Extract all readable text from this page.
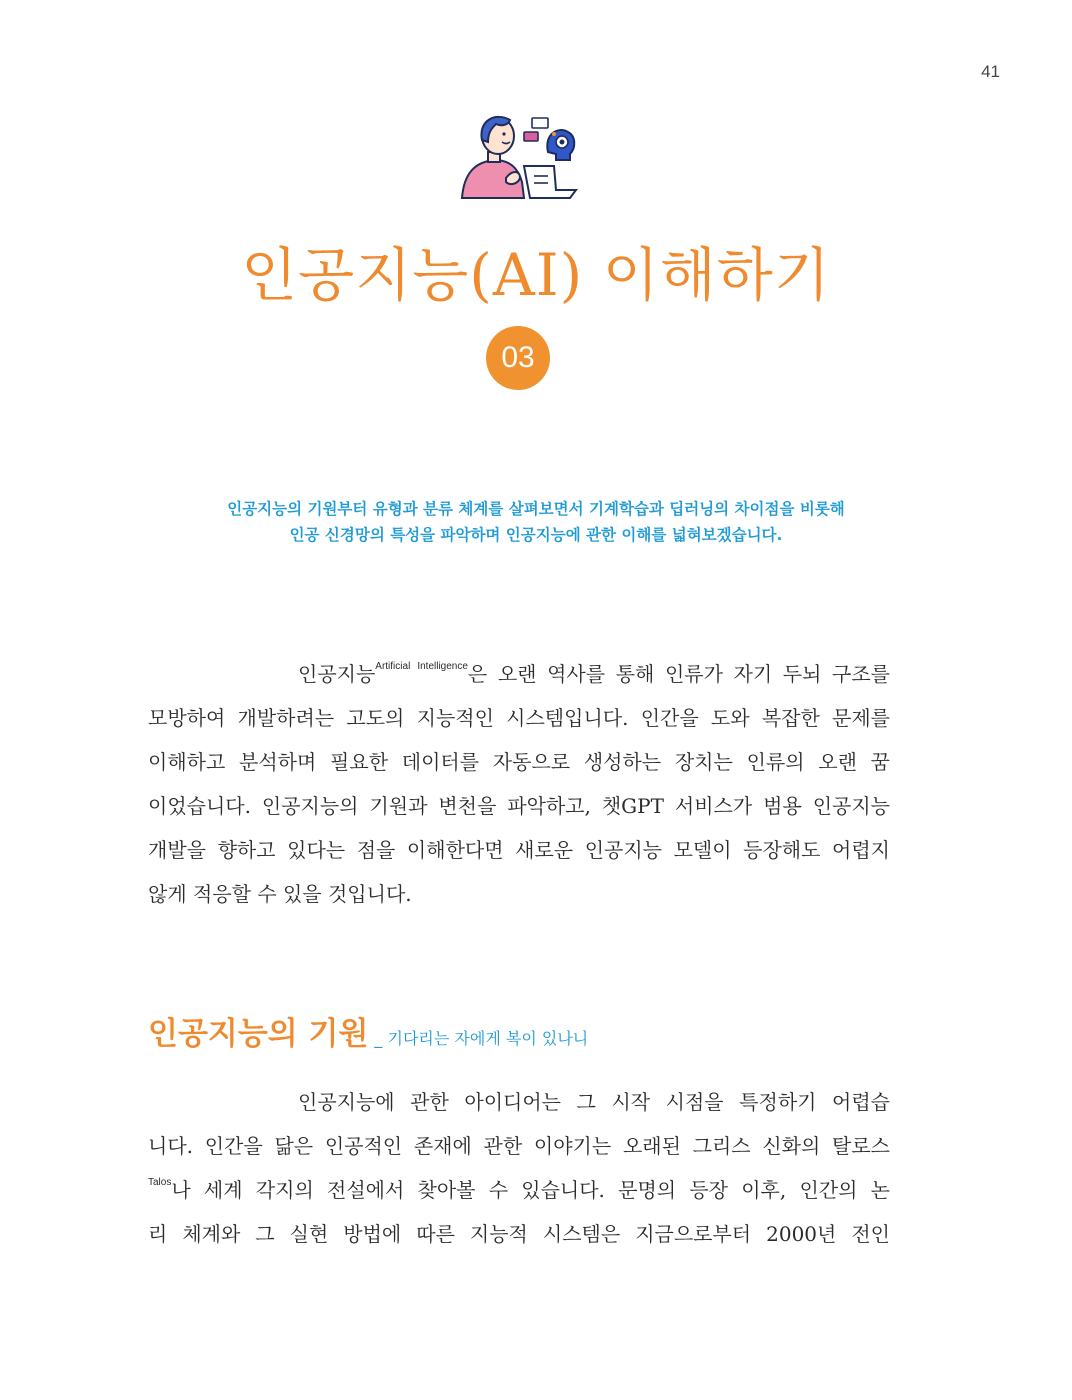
41
인공지능(AI) 이해하기
03
인공지능의 기원부터 유형과 분류 체계를 살펴보면서 기계학습과 딥러닝의 차이점을 비롯해
인공 신경망의 특성을 파악하며 인공지능에 관한 이해를 넓혀보겠습니다.
인공지능$^{Artificial Intelligence}$은 오랜 역사를 통해 인류가 자기 두뇌 구조를
모방하여 개발하려는 고도의 지능적인 시스템입니다. 인간을 도와 복잡한 문제를
이해하고 분석하며 필요한 데이터를 자동으로 생성하는 장치는 인류의 오랜 꿈
이었습니다. 인공지능의 기원과 변천을 파악하고, 챗GPT 서비스가 범용 인공지능
개발을 향하고 있다는 점을 이해한다면 새로운 인공지능 모델이 등장해도 어렵지
않게 적응할 수 있을 것입니다.
인공지능의 기원 _ 기다리는 자에게 복이 있나니
인공지능에 관한 아이디어는 그 시작 시점을 특정하기 어렵습
니다. 인간을 닮은 인공적인 존재에 관한 이야기는 오래된 그리스 신화의 탈로스
$^{Talos}$나 세계 각지의 전설에서 찾아볼 수 있습니다. 문명의 등장 이후, 인간의 논
리 체계와 그 실현 방법에 따른 지능적 시스템은 지금으로부터 2000년 전인
